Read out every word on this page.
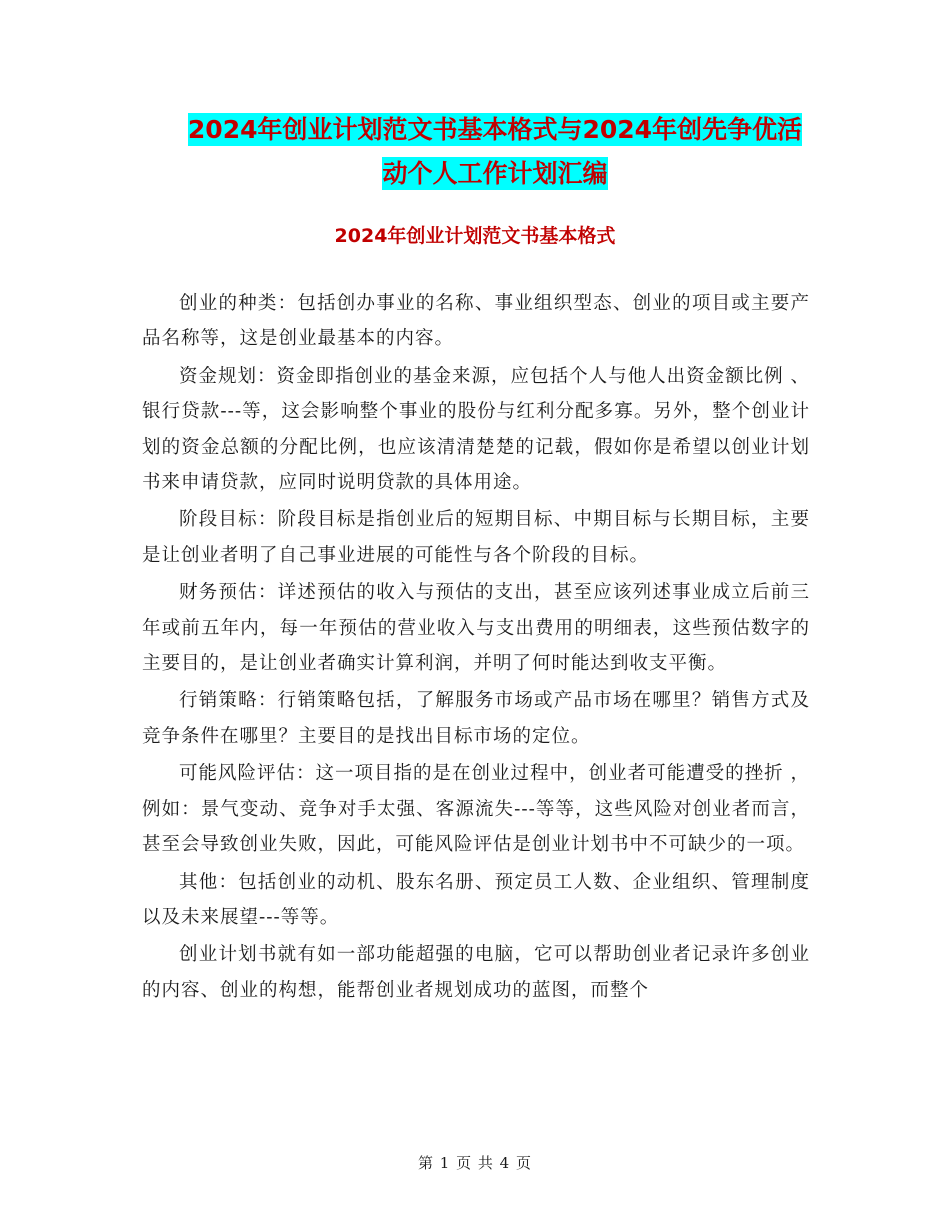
2024年创业计划范文书基本格式与2024年创先争优活
动个人工作计划汇编
2024年创业计划范文书基本格式

创业的种类：包括创办事业的名称、事业组织型态、创业的项目或主要产品名称等，这是创业最基本的内容。

资金规划：资金即指创业的基金来源，应包括个人与他人出资金额比例 、银行贷款---等，这会影响整个事业的股份与红利分配多寡。另外，整个创业计划的资金总额的分配比例，也应该清清楚楚的记载，假如你是希望以创业计划书来申请贷款，应同时说明贷款的具体用途。

阶段目标：阶段目标是指创业后的短期目标、中期目标与长期目标，主要是让创业者明了自己事业进展的可能性与各个阶段的目标。

财务预估：详述预估的收入与预估的支出，甚至应该列述事业成立后前三年或前五年内，每一年预估的营业收入与支出费用的明细表，这些预估数字的主要目的，是让创业者确实计算利润，并明了何时能达到收支平衡。

行销策略：行销策略包括，了解服务市场或产品市场在哪里？销售方式及竞争条件在哪里？主要目的是找出目标市场的定位。

可能风险评估：这一项目指的是在创业过程中，创业者可能遭受的挫折 ，例如：景气变动、竞争对手太强、客源流失---等等，这些风险对创业者而言，甚至会导致创业失败，因此，可能风险评估是创业计划书中不可缺少的一项。

其他：包括创业的动机、股东名册、预定员工人数、企业组织、管理制度以及未来展望---等等。

创业计划书就有如一部功能超强的电脑，它可以帮助创业者记录许多创业的内容、创业的构想，能帮创业者规划成功的蓝图，而整个

第 1 页 共 4 页
